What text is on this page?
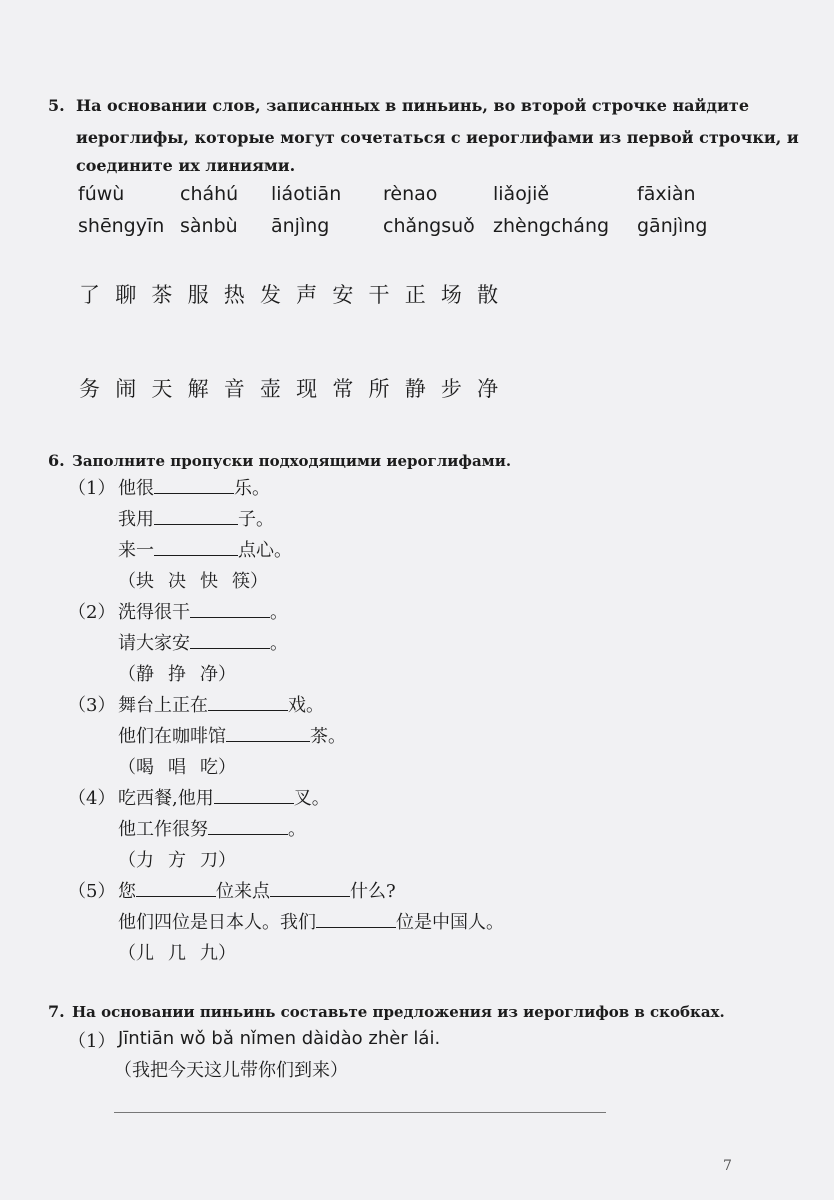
5. На основании слов, записанных в пиньинь, во второй строчке найдите
иероглифы, которые могут сочетаться с иероглифами из первой строчки, и
соедините их линиями.
fúwù	cháhú liáotiān rènao	liǎojiě	fāxiàn
shēngyīn sànbù ānjìng	chǎngsuǒ zhèngcháng gānjìng
了 聊 茶 服 热 发 声 安 干 正 场 散
务 闹 天 解 音 壶 现 常 所 静 步 净
6. Заполните пропуски подходящими иероглифами.
（1） 他很	乐。
我用	子。
来一	点心。
（块 决 快 筷）
（2） 洗得很干	。
请大家安	。
（静 挣 净）
（3） 舞台上正在	戏。
他们在咖啡馆	茶。
（喝 唱 吃）
（4） 吃西餐,他用	叉。
他工作很努	。
（力 方 刀）
（5） 您	位来点	什么?
他们四位是日本人。我们	位是中国人。
（儿 几 九）
7. На основании пиньинь составьте предложения из иероглифов в скобках.
（1） Jīntiān wǒ bǎ nǐmen dàidào zhèr lái.
（我把今天这儿带你们到来）
7
